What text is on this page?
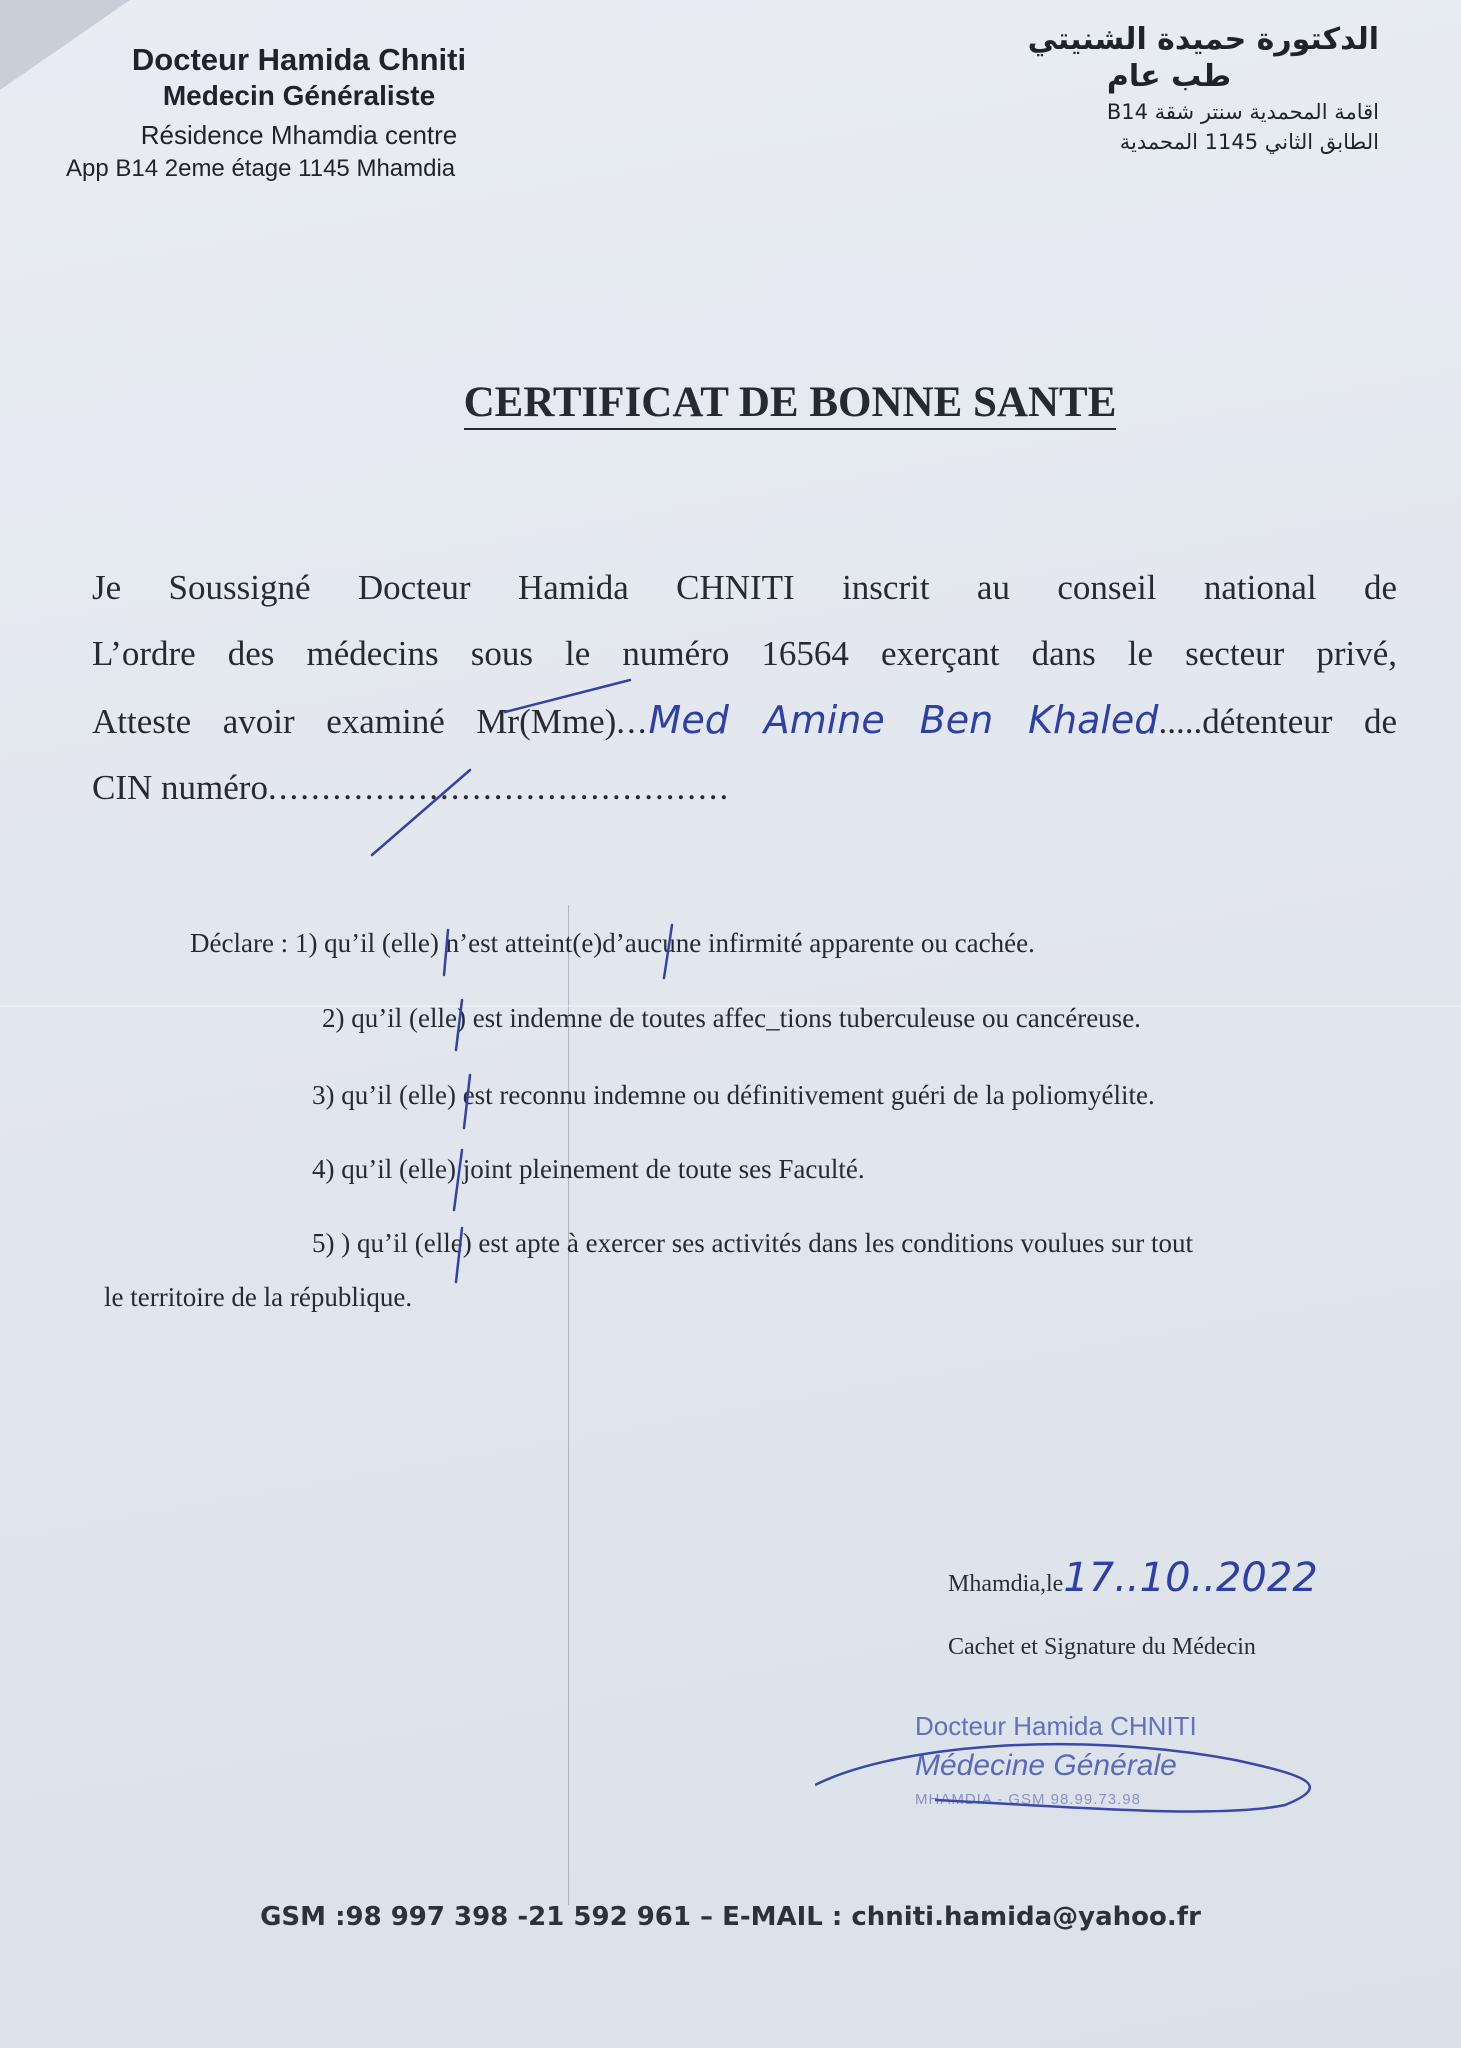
Docteur Hamida Chniti
Medecin Généraliste
Résidence Mhamdia centre
App B14 2eme étage 1145 Mhamdia
الدكتورة حميدة الشنيتي
طب عام
اقامة المحمدية سنتر شقة B14
الطابق الثاني 1145 المحمدية
CERTIFICAT DE BONNE SANTE
Je Soussigné Docteur Hamida CHNITI inscrit au conseil national de
L’ordre des médecins sous le numéro 16564 exerçant dans le secteur privé,
Atteste avoir examiné Mr(Mme)...Med Amine Ben Khaled.....détenteur de
CIN numéro...........................................
Déclare : 1) qu’il (elle) n’est atteint(e)d’aucune infirmité apparente ou cachée.
2) qu’il (elle) est indemne de toutes affec_tions tuberculeuse ou cancéreuse.
3) qu’il (elle) est reconnu indemne ou définitivement guéri de la poliomyélite.
4) qu’il (elle) joint pleinement de toute ses Faculté.
5) ) qu’il (elle) est apte à exercer ses activités dans les conditions voulues sur tout
le territoire de la république.
Mhamdia,le17..10..2022
Cachet et Signature du Médecin
Docteur Hamida CHNITI
Médecine Générale
MHAMDIA - GSM 98.99.73.98
GSM :98 997 398 -21 592 961 – E-MAIL : chniti.hamida@yahoo.fr
